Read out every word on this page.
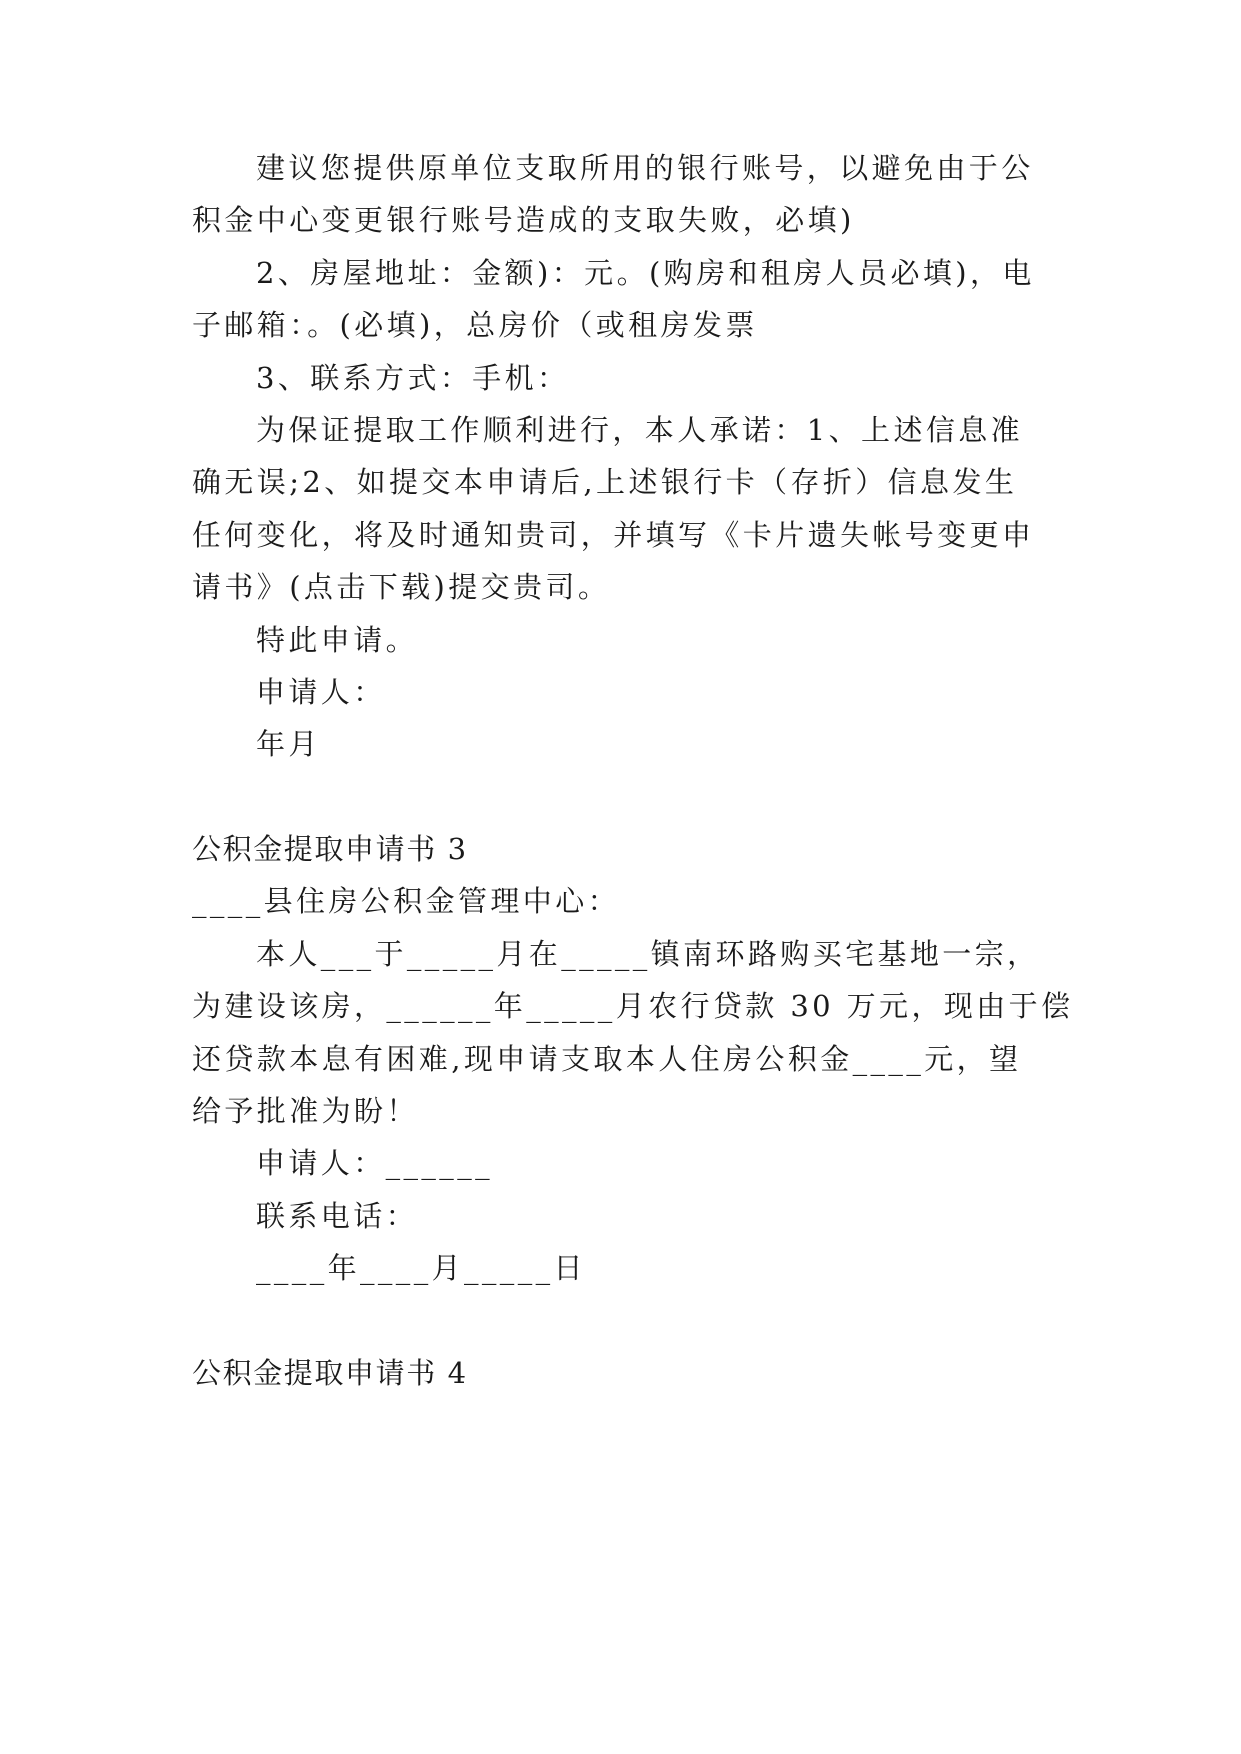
建议您提供原单位支取所用的银行账号，以避免由于公
积金中心变更银行账号造成的支取失败，必填)
2、房屋地址：金额)：元。(购房和租房人员必填)，电
子邮箱：。(必填)，总房价（或租房发票
3、联系方式：手机：
为保证提取工作顺利进行，本人承诺：1、上述信息准
确无误;2、如提交本申请后,上述银行卡（存折）信息发生
任何变化，将及时通知贵司，并填写《卡片遗失帐号变更申
请书》(点击下载)提交贵司。
特此申请。
申请人：
年月
公积金提取申请书 3
____县住房公积金管理中心：
本人___于_____月在_____镇南环路购买宅基地一宗，
为建设该房，______年_____月农行贷款 30 万元，现由于偿
还贷款本息有困难,现申请支取本人住房公积金____元，望
给予批准为盼！
申请人：______
联系电话：
____年____月_____日
公积金提取申请书 4
